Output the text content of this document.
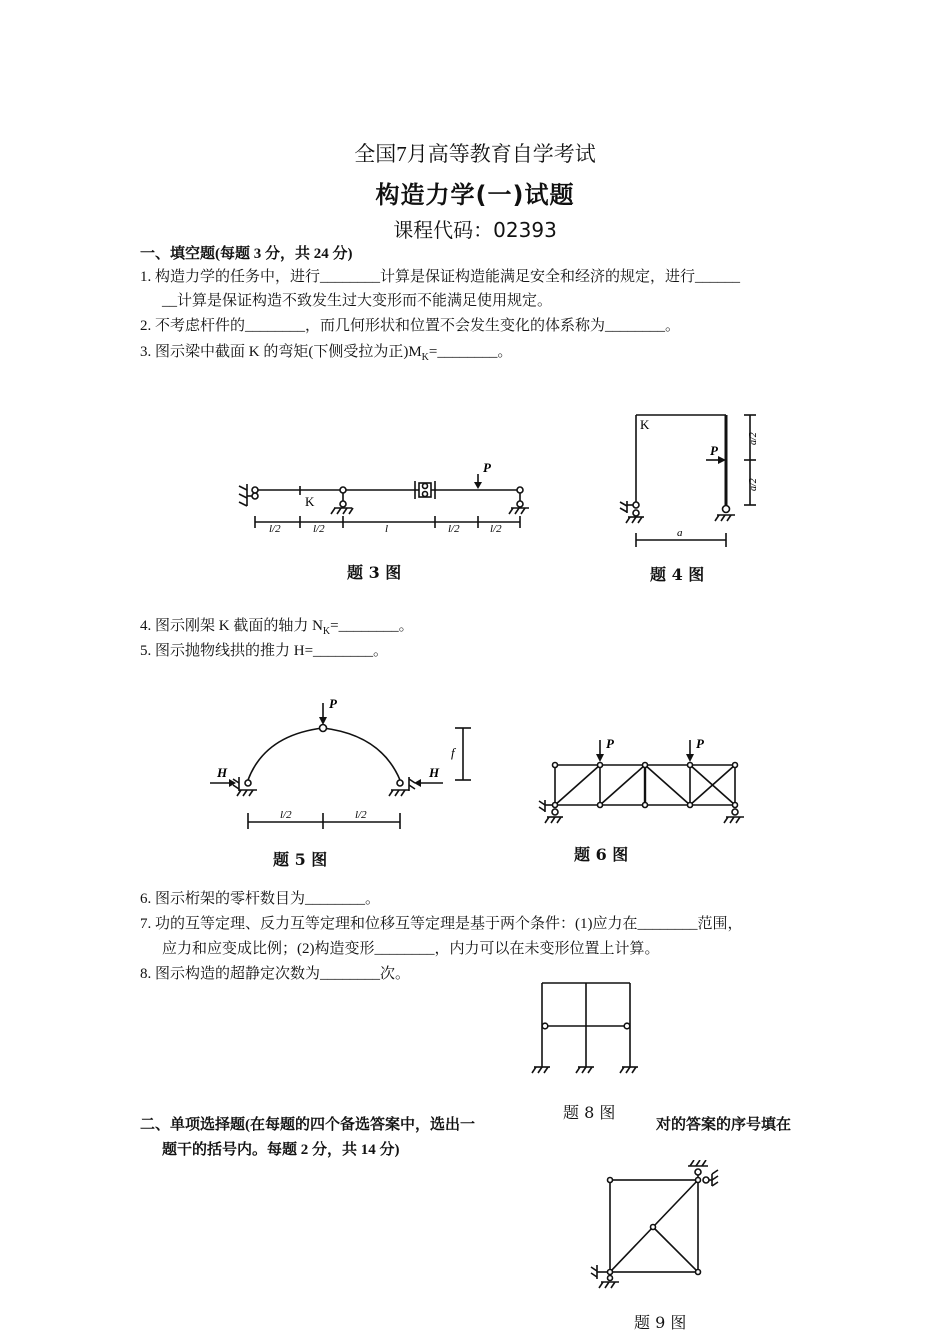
全国7月高等教育自学考试
构造力学(一)试题
课程代码：02393
一、填空题(每题 3 分，共 24 分)
1. 构造力学的任务中，进行________计算是保证构造能满足安全和经济的规定，进行______
__计算是保证构造不致发生过大变形而不能满足使用规定。
2. 不考虑杆件的________，而几何形状和位置不会发生变化的体系称为________。
3. 图示梁中截面 K 的弯矩(下侧受拉为正)$M_K=\_\_\_\_\_\_\_\_$。
K
P
l/2	l/2	l	l/2	l/2
题 3 图
K
P
a/2
a/2
a
题 4 图
4. 图示刚架 K 截面的轴力 $N_K=\_\_\_\_\_\_\_\_$。
5. 图示抛物线拱的推力 H=________。
P
f
H	H
l/2	l/2
题 5 图
P	P
题 6 图
6. 图示桁架的零杆数目为________。
7. 功的互等定理、反力互等定理和位移互等定理是基于两个条件：(1)应力在________范围，
应力和应变成比例；(2)构造变形________，内力可以在未变形位置上计算。
8. 图示构造的超静定次数为________次。
二、单项选择题(在每题的四个备选答案中，选出一	对的答案的序号填在
题 8 图
题干的括号内。每题 2 分，共 14 分)
题 9 图
